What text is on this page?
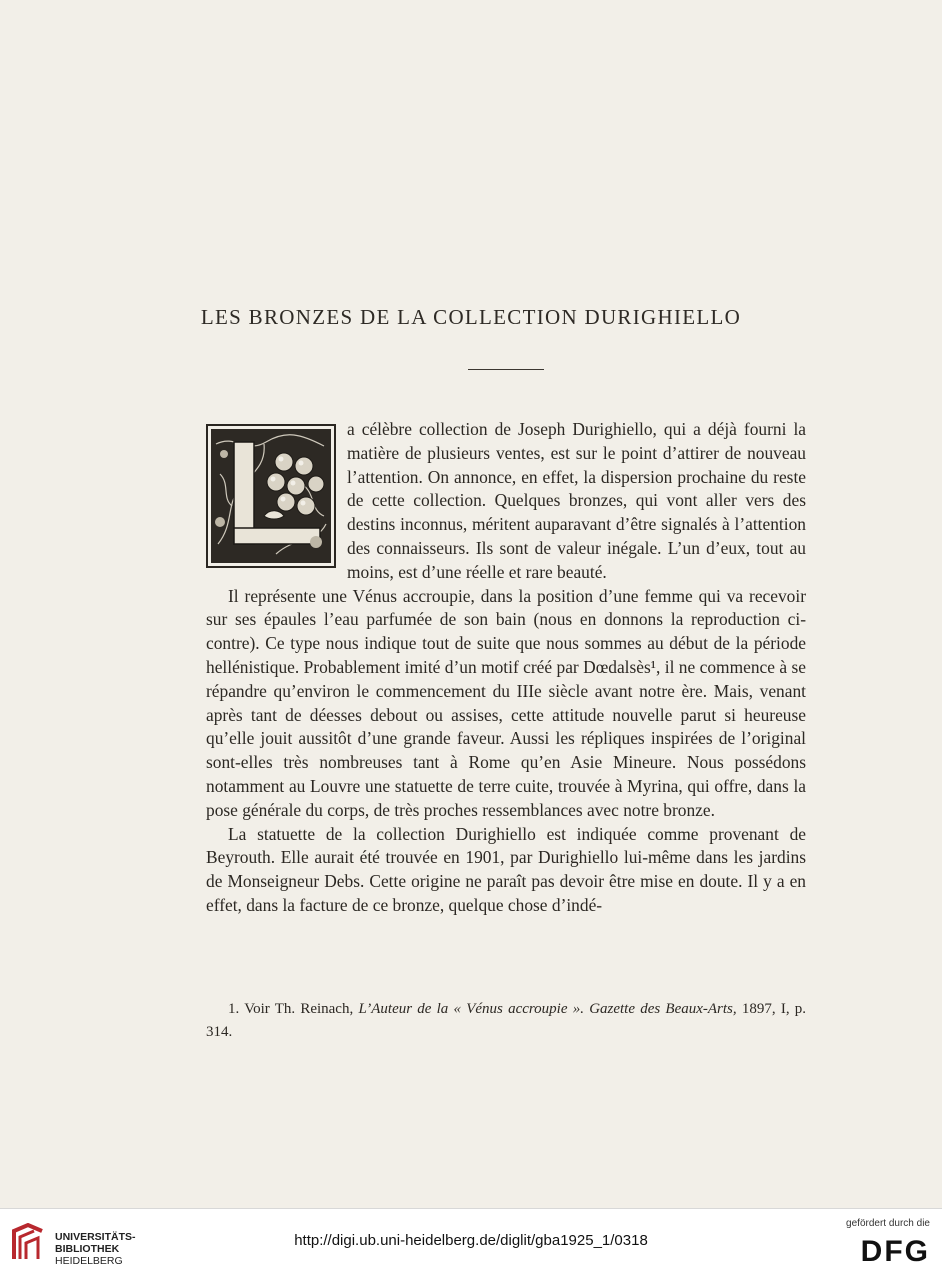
LES BRONZES DE LA COLLECTION DURIGHIELLO

a célèbre collection de Joseph Durighiello, qui a déjà fourni la matière de plusieurs ventes, est sur le point d’attirer de nouveau l’attention. On annonce, en effet, la dispersion prochaine du reste de cette collection. Quelques bronzes, qui vont aller vers des destins inconnus, méritent auparavant d’être signalés à l’attention des connaisseurs. Ils sont de valeur inégale. L’un d’eux, tout au moins, est d’une réelle et rare beauté.

Il représente une Vénus accroupie, dans la position d’une femme qui va recevoir sur ses épaules l’eau parfumée de son bain (nous en donnons la reproduction ci-contre). Ce type nous indique tout de suite que nous sommes au début de la période hellénistique. Probablement imité d’un motif créé par Dœdalsès¹, il ne commence à se répandre qu’environ le commencement du IIIe siècle avant notre ère. Mais, venant après tant de déesses debout ou assises, cette attitude nouvelle parut si heureuse qu’elle jouit aussitôt d’une grande faveur. Aussi les répliques inspirées de l’original sont-elles très nombreuses tant à Rome qu’en Asie Mineure. Nous possédons notamment au Louvre une statuette de terre cuite, trouvée à Myrina, qui offre, dans la pose générale du corps, de très proches ressemblances avec notre bronze.

La statuette de la collection Durighiello est indiquée comme provenant de Beyrouth. Elle aurait été trouvée en 1901, par Durighiello lui-même dans les jardins de Monseigneur Debs. Cette origine ne paraît pas devoir être mise en doute. Il y a en effet, dans la facture de ce bronze, quelque chose d’indé-

1. Voir Th. Reinach, L’Auteur de la « Vénus accroupie ». Gazette des Beaux-Arts, 1897, I, p. 314.
UNIVERSITÄTS-
BIBLIOTHEK
HEIDELBERG
http://digi.ub.uni-heidelberg.de/diglit/gba1925_1/0318
gefördert durch die
DFG
